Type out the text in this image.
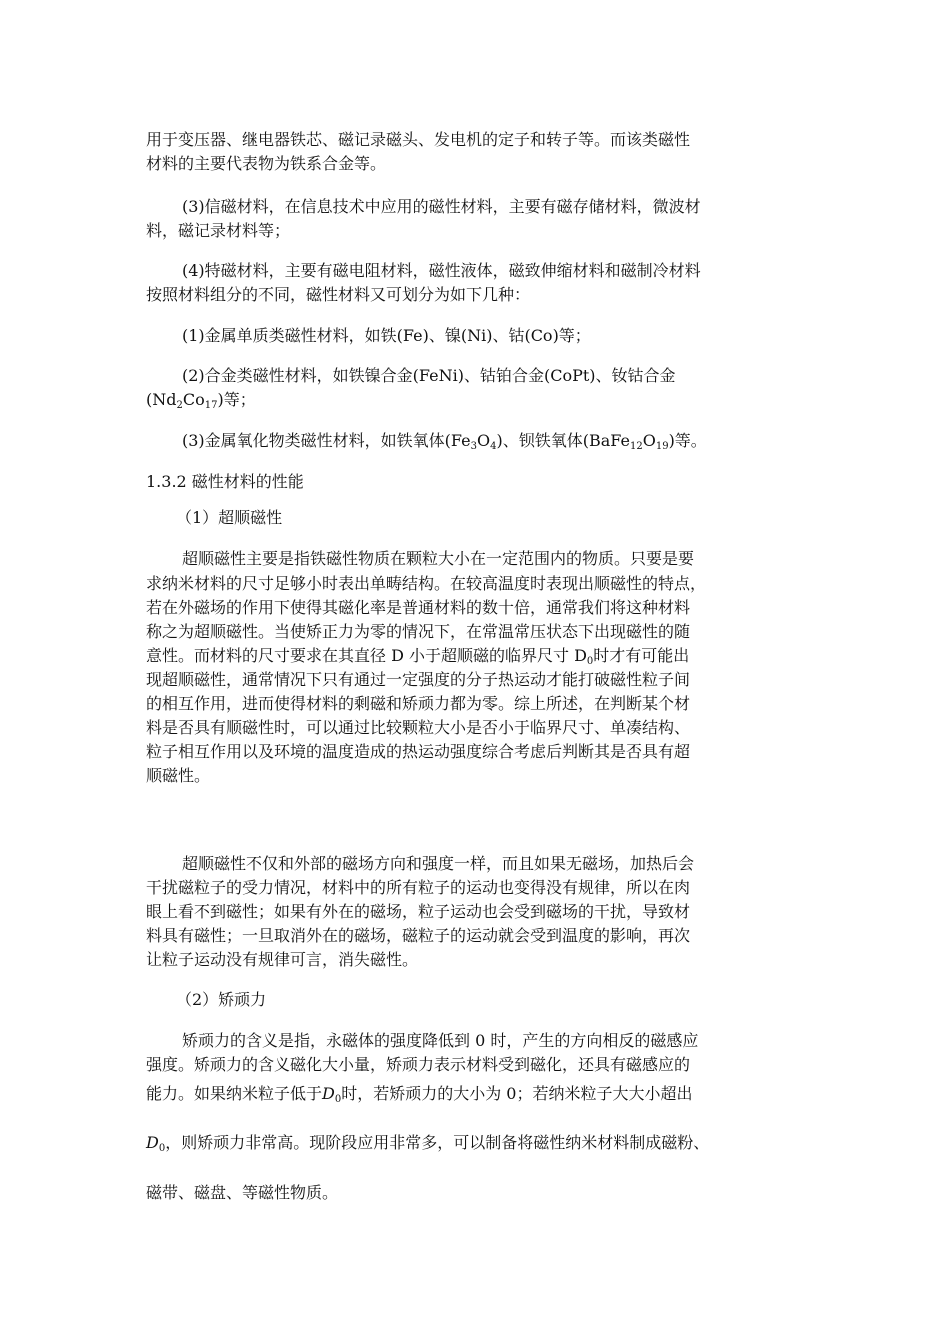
用于变压器、继电器铁芯、磁记录磁头、发电机的定子和转子等。而该类磁性
材料的主要代表物为铁系合金等。
(3)信磁材料，在信息技术中应用的磁性材料，主要有磁存储材料，微波材
料，磁记录材料等；
(4)特磁材料，主要有磁电阻材料，磁性液体，磁致伸缩材料和磁制冷材料
按照材料组分的不同，磁性材料又可划分为如下几种：
(1)金属单质类磁性材料，如铁(Fe)、镍(Ni)、钴(Co)等；
(2)合金类磁性材料，如铁镍合金(FeNi)、钴铂合金(CoPt)、钕钴合金
$(Nd_2Co_{17})$等；
(3)金属氧化物类磁性材料，如铁氧体$(Fe_3O_4)$、钡铁氧体$(BaFe_{12}O_{19})$等。
1.3.2 磁性材料的性能
（1）超顺磁性
超顺磁性主要是指铁磁性物质在颗粒大小在一定范围内的物质。只要是要
求纳米材料的尺寸足够小时表出单畴结构。在较高温度时表现出顺磁性的特点，
若在外磁场的作用下使得其磁化率是普通材料的数十倍，通常我们将这种材料
称之为超顺磁性。当使矫正力为零的情况下，在常温常压状态下出现磁性的随
意性。而材料的尺寸要求在其直径 D 小于超顺磁的临界尺寸 $D_0$时才有可能出
现超顺磁性，通常情况下只有通过一定强度的分子热运动才能打破磁性粒子间
的相互作用，进而使得材料的剩磁和矫顽力都为零。综上所述，在判断某个材
料是否具有顺磁性时，可以通过比较颗粒大小是否小于临界尺寸、单凑结构、
粒子相互作用以及环境的温度造成的热运动强度综合考虑后判断其是否具有超
顺磁性。
超顺磁性不仅和外部的磁场方向和强度一样，而且如果无磁场，加热后会
干扰磁粒子的受力情况，材料中的所有粒子的运动也变得没有规律，所以在肉
眼上看不到磁性；如果有外在的磁场，粒子运动也会受到磁场的干扰，导致材
料具有磁性；一旦取消外在的磁场，磁粒子的运动就会受到温度的影响，再次
让粒子运动没有规律可言，消失磁性。
（2）矫顽力
矫顽力的含义是指，永磁体的强度降低到 0 时，产生的方向相反的磁感应
强度。矫顽力的含义磁化大小量，矫顽力表示材料受到磁化，还具有磁感应的
能力。如果纳米粒子低于$D_0$时，若矫顽力的大小为 0；若纳米粒子大大小超出
$D_0$，则矫顽力非常高。现阶段应用非常多，可以制备将磁性纳米材料制成磁粉、
磁带、磁盘、等磁性物质。
